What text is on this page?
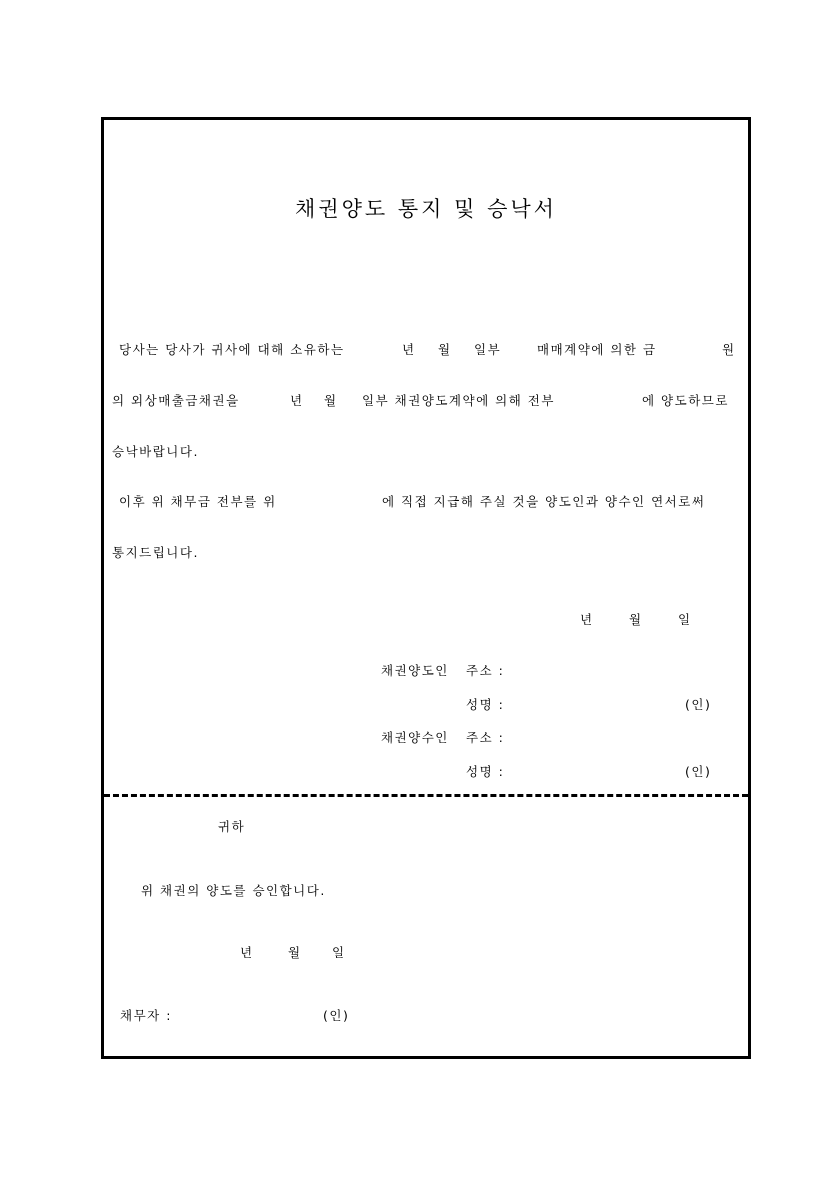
채권양도 통지 및 승낙서
당사는 당사가 귀사에 대해 소유하는	년 월 일부	매매계약에 의한 금	원
의 외상매출금채권을	년 월 일부 채권양도계약에 의해 전부	에 양도하므로
승낙바랍니다.
이후 위 채무금 전부를 위	에 직접 지급해 주실 것을 양도인과 양수인 연서로써
통지드립니다.
년	월	일
채권양도인 주소 :
성명 :	(인)
채권양수인 주소 :
성명 :	(인)
귀하
위 채권의 양도를 승인합니다.
년	월 일
채무자 :	(인)
